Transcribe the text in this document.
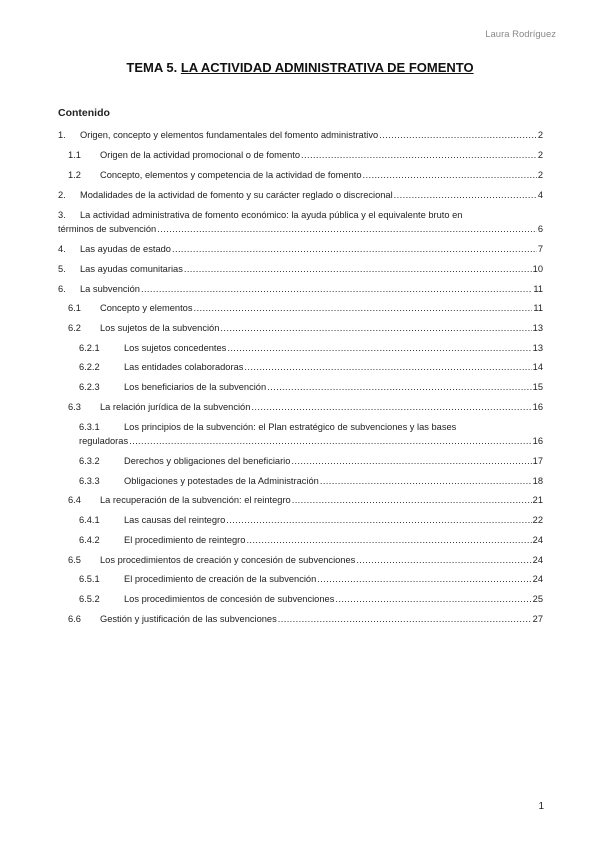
Laura Rodríguez
TEMA 5. LA ACTIVIDAD ADMINISTRATIVA DE FOMENTO
Contenido
1.	Origen, concepto y elementos fundamentales del fomento administrativo .....	2
1.1	Origen de la actividad promocional o de fomento .....	2
1.2	Concepto, elementos y competencia de la actividad de fomento .....	2
2.	Modalidades de la actividad de fomento y su carácter reglado o discrecional .....	4
3.	La actividad administrativa de fomento económico: la ayuda pública y el equivalente bruto en
términos de subvención .....	6
4.	Las ayudas de estado .....	7
5.	Las ayudas comunitarias .....	10
6.	La subvención .....	11
6.1	Concepto y elementos .....	11
6.2	Los sujetos de la subvención .....	13
6.2.1	Los sujetos concedentes .....	13
6.2.2	Las entidades colaboradoras .....	14
6.2.3	Los beneficiarios de la subvención .....	15
6.3	La relación jurídica de la subvención .....	16
6.3.1	Los principios de la subvención: el Plan estratégico de subvenciones y las bases
reguladoras .....	16
6.3.2	Derechos y obligaciones del beneficiario .....	17
6.3.3	Obligaciones y potestades de la Administración .....	18
6.4	La recuperación de la subvención: el reintegro .....	21
6.4.1	Las causas del reintegro .....	22
6.4.2	El procedimiento de reintegro .....	24
6.5	Los procedimientos de creación y concesión de subvenciones .....	24
6.5.1	El procedimiento de creación de la subvención .....	24
6.5.2	Los procedimientos de concesión de subvenciones .....	25
6.6	Gestión y justificación de las subvenciones .....	27
1
